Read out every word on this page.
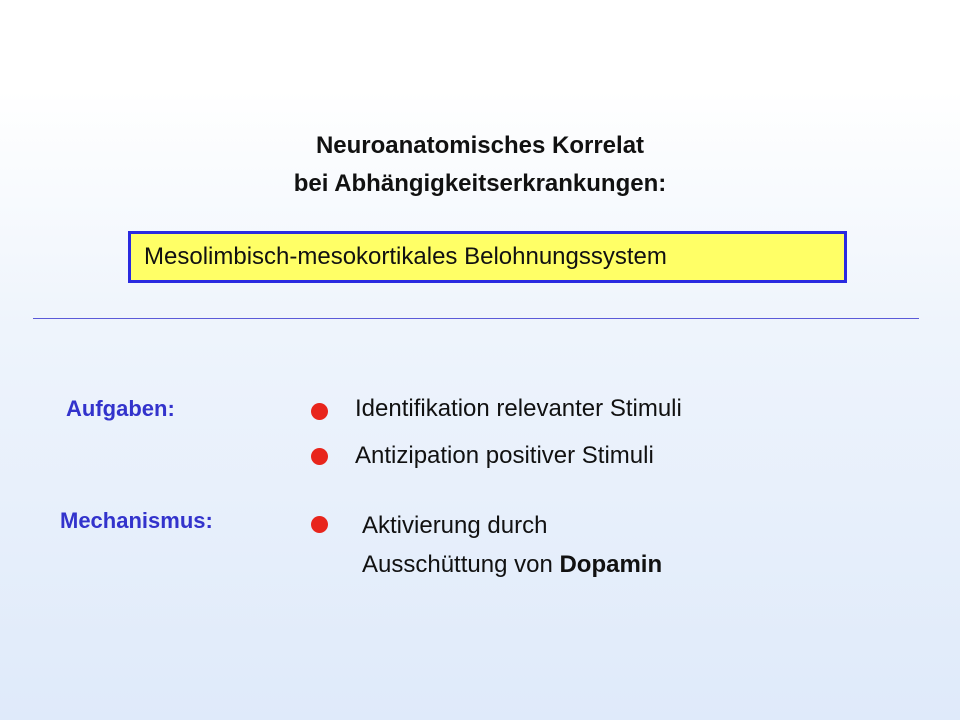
Neuroanatomisches Korrelat
bei Abhängigkeitserkrankungen:
Mesolimbisch-mesokortikales Belohnungssystem
Aufgaben:	Identifikation relevanter Stimuli
Antizipation positiver Stimuli
Mechanismus:	Aktivierung durch
Ausschüttung von Dopamin
